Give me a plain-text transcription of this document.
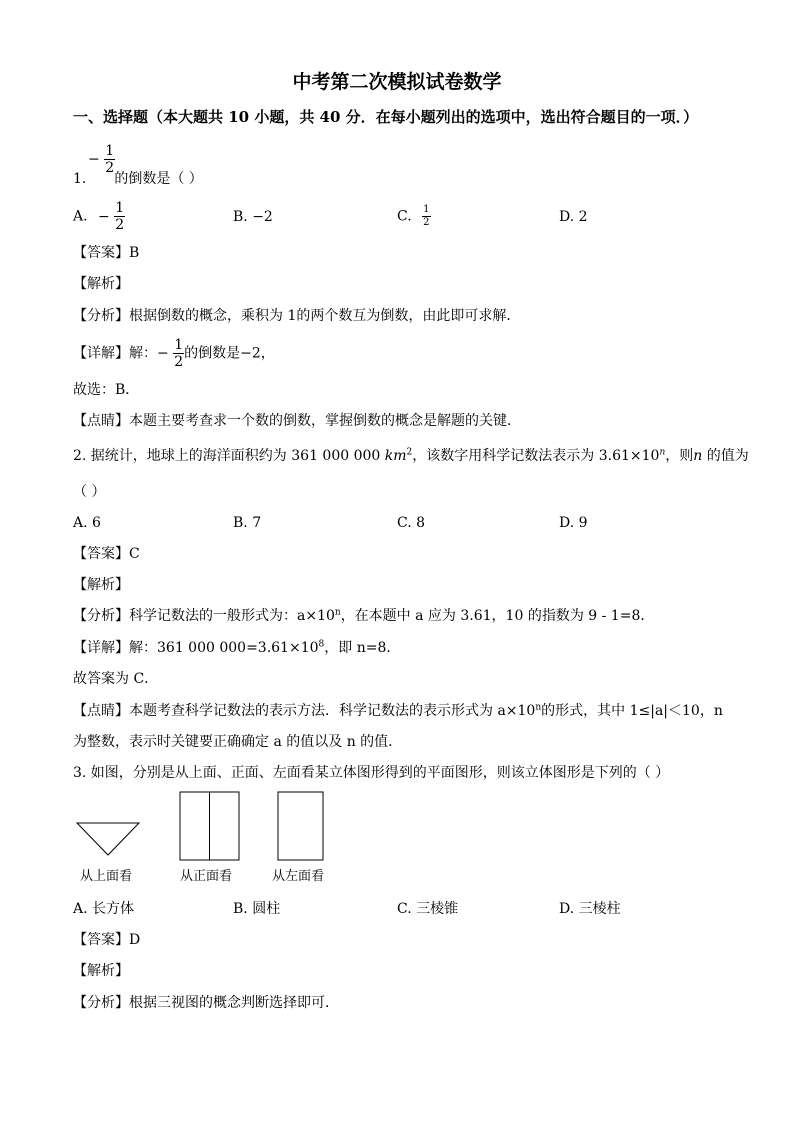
中考第二次模拟试卷数学
一、选择题（本大题共 10 小题，共 40 分．在每小题列出的选项中，选出符合题目的一项．）
− $\frac{1}{2}$
1. 的倒数是（ ）
A. − $\frac{1}{2}$	B. −2	C. $\frac{1}{2}$	D. 2
【答案】B
【解析】
【分析】根据倒数的概念，乘积为 1的两个数互为倒数，由此即可求解．
【详解】解：− $\frac{1}{2}$ 的倒数是−2，
故选：B．
【点睛】本题主要考查求一个数的倒数，掌握倒数的概念是解题的关键．
2. 据统计，地球上的海洋面积约为 361 000 000 $km^2$，该数字用科学记数法表示为 $3.61\times 10^n$，则n 的值为
（ ）
A. 6	B. 7	C. 8	D. 9
【答案】C
【解析】
【分析】科学记数法的一般形式为：$a\times 10^n$，在本题中 a 应为 3.61，10 的指数为 9 - 1=8．
【详解】解：361 000 $000=3.61\times 10^8$，即 n=8．
故答案为 C．
【点睛】本题考查科学记数法的表示方法．科学记数法的表示形式为 $a\times 10^n$的形式，其中 1≤|a|＜10，n
为整数，表示时关键要正确确定 a 的值以及 n 的值．
3. 如图，分别是从上面、正面、左面看某立体图形得到的平面图形，则该立体图形是下列的（ ）
从上面看	从正面看	从左面看
A. 长方体	B. 圆柱	C. 三棱锥	D. 三棱柱
【答案】D
【解析】
【分析】根据三视图的概念判断选择即可．
